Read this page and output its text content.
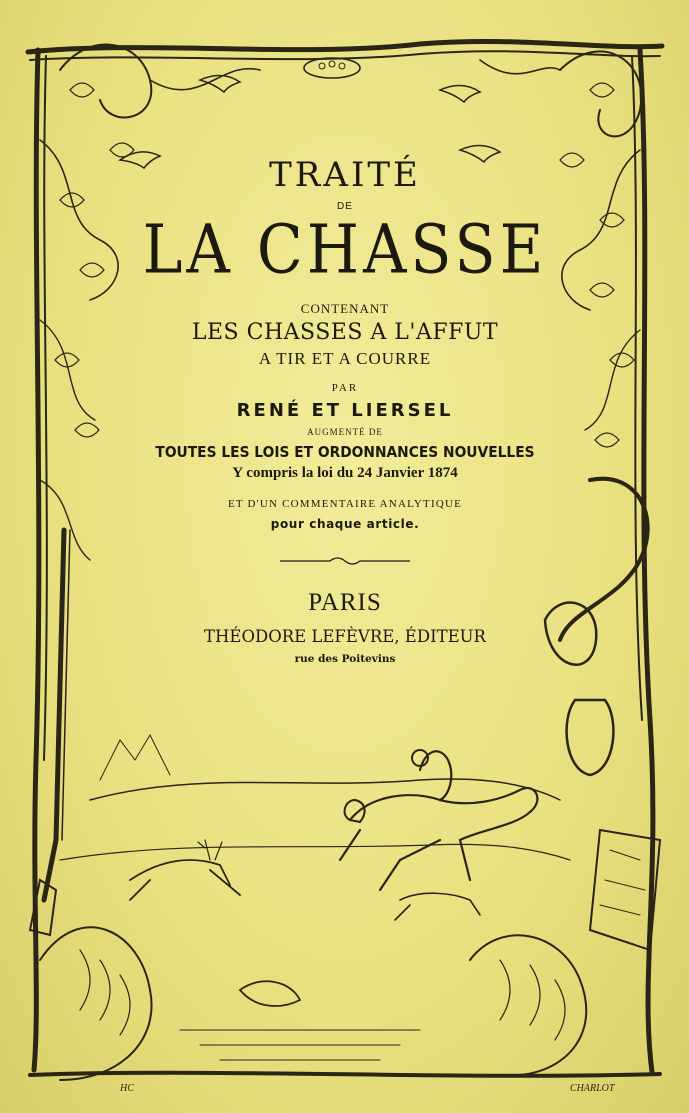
TRAITÉ
DE
LA CHASSE
CONTENANT
LES CHASSES A L'AFFUT
A TIR ET A COURRE
PAR
RENÉ ET LIERSEL
AUGMENTÉ DE
TOUTES LES LOIS ET ORDONNANCES NOUVELLES
Y compris la loi du 24 Janvier 1874
ET D'UN COMMENTAIRE ANALYTIQUE
pour chaque article.
PARIS
THÉODORE LEFÈVRE, ÉDITEUR
rue des Poitevins
HC	CHARLOT
